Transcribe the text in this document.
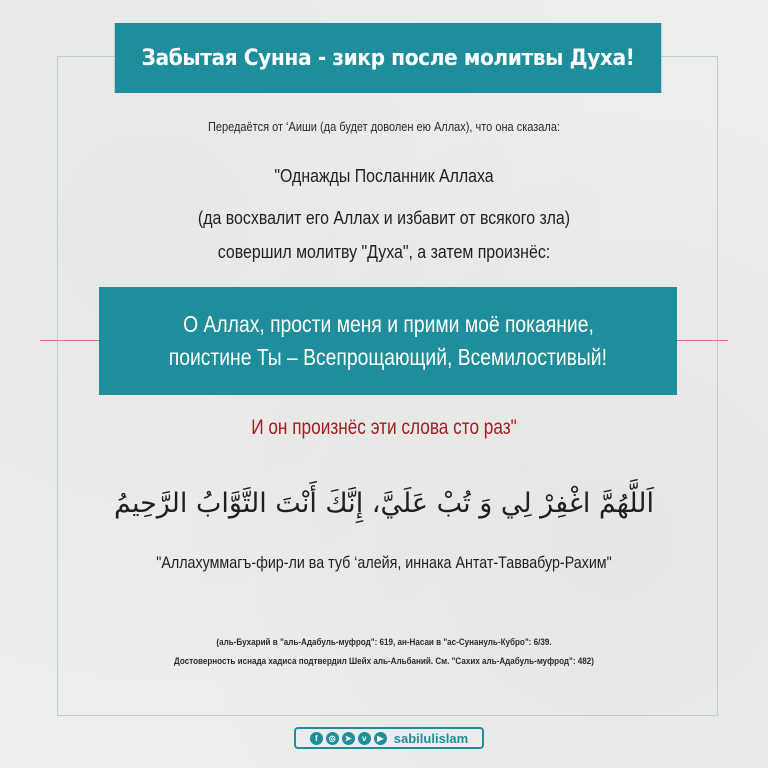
Забытая Сунна - зикр после молитвы Духа!
Передаётся от ‘Аиши (да будет доволен ею Аллах), что она сказала:
"Однажды Посланник Аллаха
(да восхвалит его Аллах и избавит от всякого зла)
совершил молитву "Духа", а затем произнёс:
О Аллах, прости меня и прими моё покаяние,
поистине Ты – Всепрощающий, Всемилостивый!
И он произнёс эти слова сто раз"
اَللَّهُمَّ اغْفِرْ لِي وَ تُبْ عَلَيَّ، إِنَّكَ أَنْتَ التَّوَّابُ الرَّحِيمُ
"Аллахуммагъ-фир-ли ва туб ‘алейя, иннака Антат-Таввабур-Рахим"
(аль-Бухарий в "аль-Адабуль-муфрод": 619, ан-Насаи в "ас-Сунануль-Кубро": 6/39.
Достоверность иснада хадиса подтвердил Шейх аль-Альбаний. См. "Сахих аль-Адабуль-муфрод": 482)
f	◎	➤	v	▶ sabilulislam
